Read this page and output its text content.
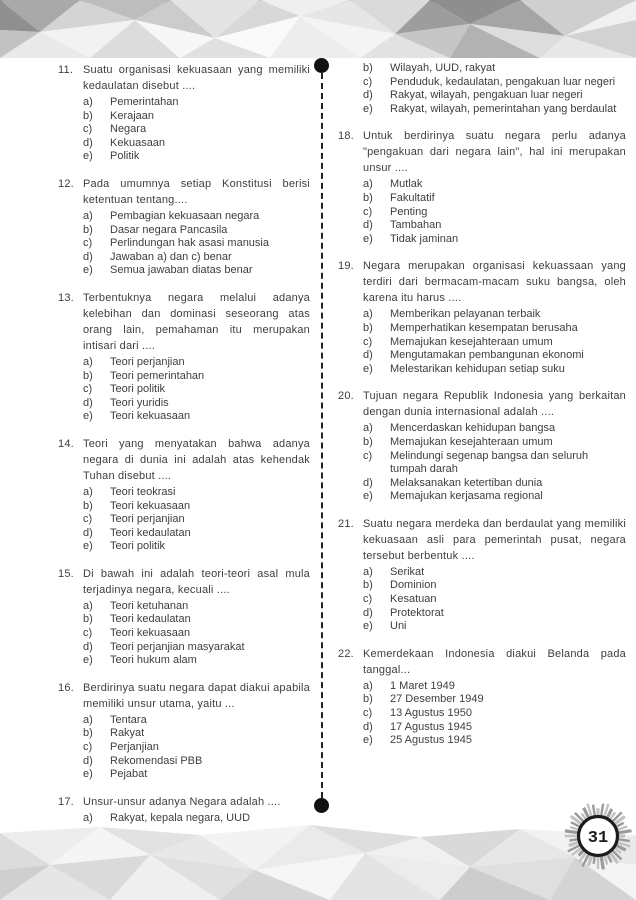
11. Suatu organisasi kekuasaan yang memiliki kedaulatan disebut ....
a)	Pemerintahan
b)	Kerajaan
c)	Negara
d)	Kekuasaan
e)	Politik
12. Pada umumnya setiap Konstitusi berisi ketentuan tentang....
a)	Pembagian kekuasaan negara
b)	Dasar negara Pancasila
c)	Perlindungan hak asasi manusia
d)	Jawaban a) dan c) benar
e)	Semua jawaban diatas benar
13. Terbentuknya negara melalui adanya kelebihan dan dominasi seseorang atas orang lain, pemahaman itu merupakan intisari dari ....
a)	Teori perjanjian
b)	Teori pemerintahan
c)	Teori politik
d)	Teori yuridis
e)	Teori kekuasaan
14. Teori yang menyatakan bahwa adanya negara di dunia ini adalah atas kehendak Tuhan disebut ....
a)	Teori teokrasi
b)	Teori kekuasaan
c)	Teori perjanjian
d)	Teori kedaulatan
e)	Teori politik
15. Di bawah ini adalah teori-teori asal mula terjadinya negara, kecuali ....
a)	Teori ketuhanan
b)	Teori kedaulatan
c)	Teori kekuasaan
d)	Teori perjanjian masyarakat
e)	Teori hukum alam
16. Berdirinya suatu negara dapat diakui apabila memiliki unsur utama, yaitu ...
a)	Tentara
b)	Rakyat
c)	Perjanjian
d)	Rekomendasi PBB
e)	Pejabat
17. Unsur-unsur adanya Negara adalah ....
a)	Rakyat, kepala negara, UUD
b)	Wilayah, UUD, rakyat
c)	Penduduk, kedaulatan, pengakuan luar negeri
d)	Rakyat, wilayah, pengakuan luar negeri
e)	Rakyat, wilayah, pemerintahan yang berdaulat
18. Untuk berdirinya suatu negara perlu adanya "pengakuan dari negara lain", hal ini merupakan unsur ....
a)	Mutlak
b)	Fakultatif
c)	Penting
d)	Tambahan
e)	Tidak jaminan
19. Negara merupakan organisasi kekuassaan yang terdiri dari bermacam-macam suku bangsa, oleh karena itu harus ....
a)	Memberikan pelayanan terbaik
b)	Memperhatikan kesempatan berusaha
c)	Memajukan kesejahteraan umum
d)	Mengutamakan pembangunan ekonomi
e)	Melestarikan kehidupan setiap suku
20. Tujuan negara Republik Indonesia yang berkaitan dengan dunia internasional adalah ....
a)	Mencerdaskan kehidupan bangsa
b)	Memajukan kesejahteraan umum
c)	Melindungi segenap bangsa dan seluruh tumpah darah
d)	Melaksanakan ketertiban dunia
e)	Memajukan kerjasama regional
21. Suatu negara merdeka dan berdaulat yang memiliki kekuasaan asli para pemerintah pusat, negara tersebut berbentuk ....
a)	Serikat
b)	Dominion
c)	Kesatuan
d)	Protektorat
e)	Uni
22. Kemerdekaan Indonesia diakui Belanda pada tanggal...
a)	1 Maret 1949
b)	27 Desember 1949
c)	13 Agustus 1950
d)	17 Agustus 1945
e)	25 Agustus 1945
31
